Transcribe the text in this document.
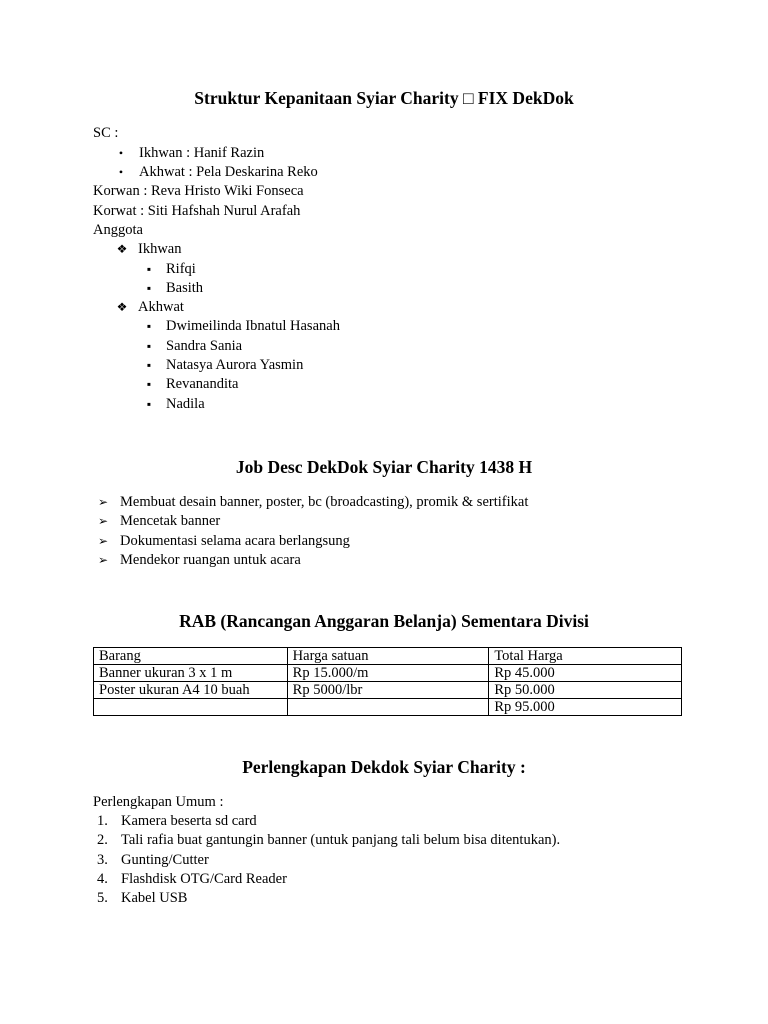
Struktur Kepanitaan Syiar Charity □ FIX DekDok
SC :
• Ikhwan : Hanif Razin
• Akhwat : Pela Deskarina Reko
Korwan : Reva Hristo Wiki Fonseca
Korwat : Siti Hafshah Nurul Arafah
Anggota
❖ Ikhwan
▪ Rifqi
▪ Basith
❖ Akhwat
▪ Dwimeilinda Ibnatul Hasanah
▪ Sandra Sania
▪ Natasya Aurora Yasmin
▪ Revanandita
▪ Nadila
Job Desc DekDok Syiar Charity 1438 H
➢ Membuat desain banner, poster, bc (broadcasting), promik & sertifikat
➢ Mencetak banner
➢ Dokumentasi selama acara berlangsung
➢ Mendekor ruangan untuk acara
RAB (Rancangan Anggaran Belanja) Sementara Divisi
Barang	Harga satuan	Total Harga
Banner ukuran 3 x 1 m	Rp 15.000/m	Rp 45.000
Poster ukuran A4 10 buah	Rp 5000/lbr	Rp 50.000
		Rp 95.000
Perlengkapan Dekdok Syiar Charity :
Perlengkapan Umum :
1. Kamera beserta sd card
2. Tali rafia buat gantungin banner (untuk panjang tali belum bisa ditentukan).
3. Gunting/Cutter
4. Flashdisk OTG/Card Reader
5. Kabel USB
